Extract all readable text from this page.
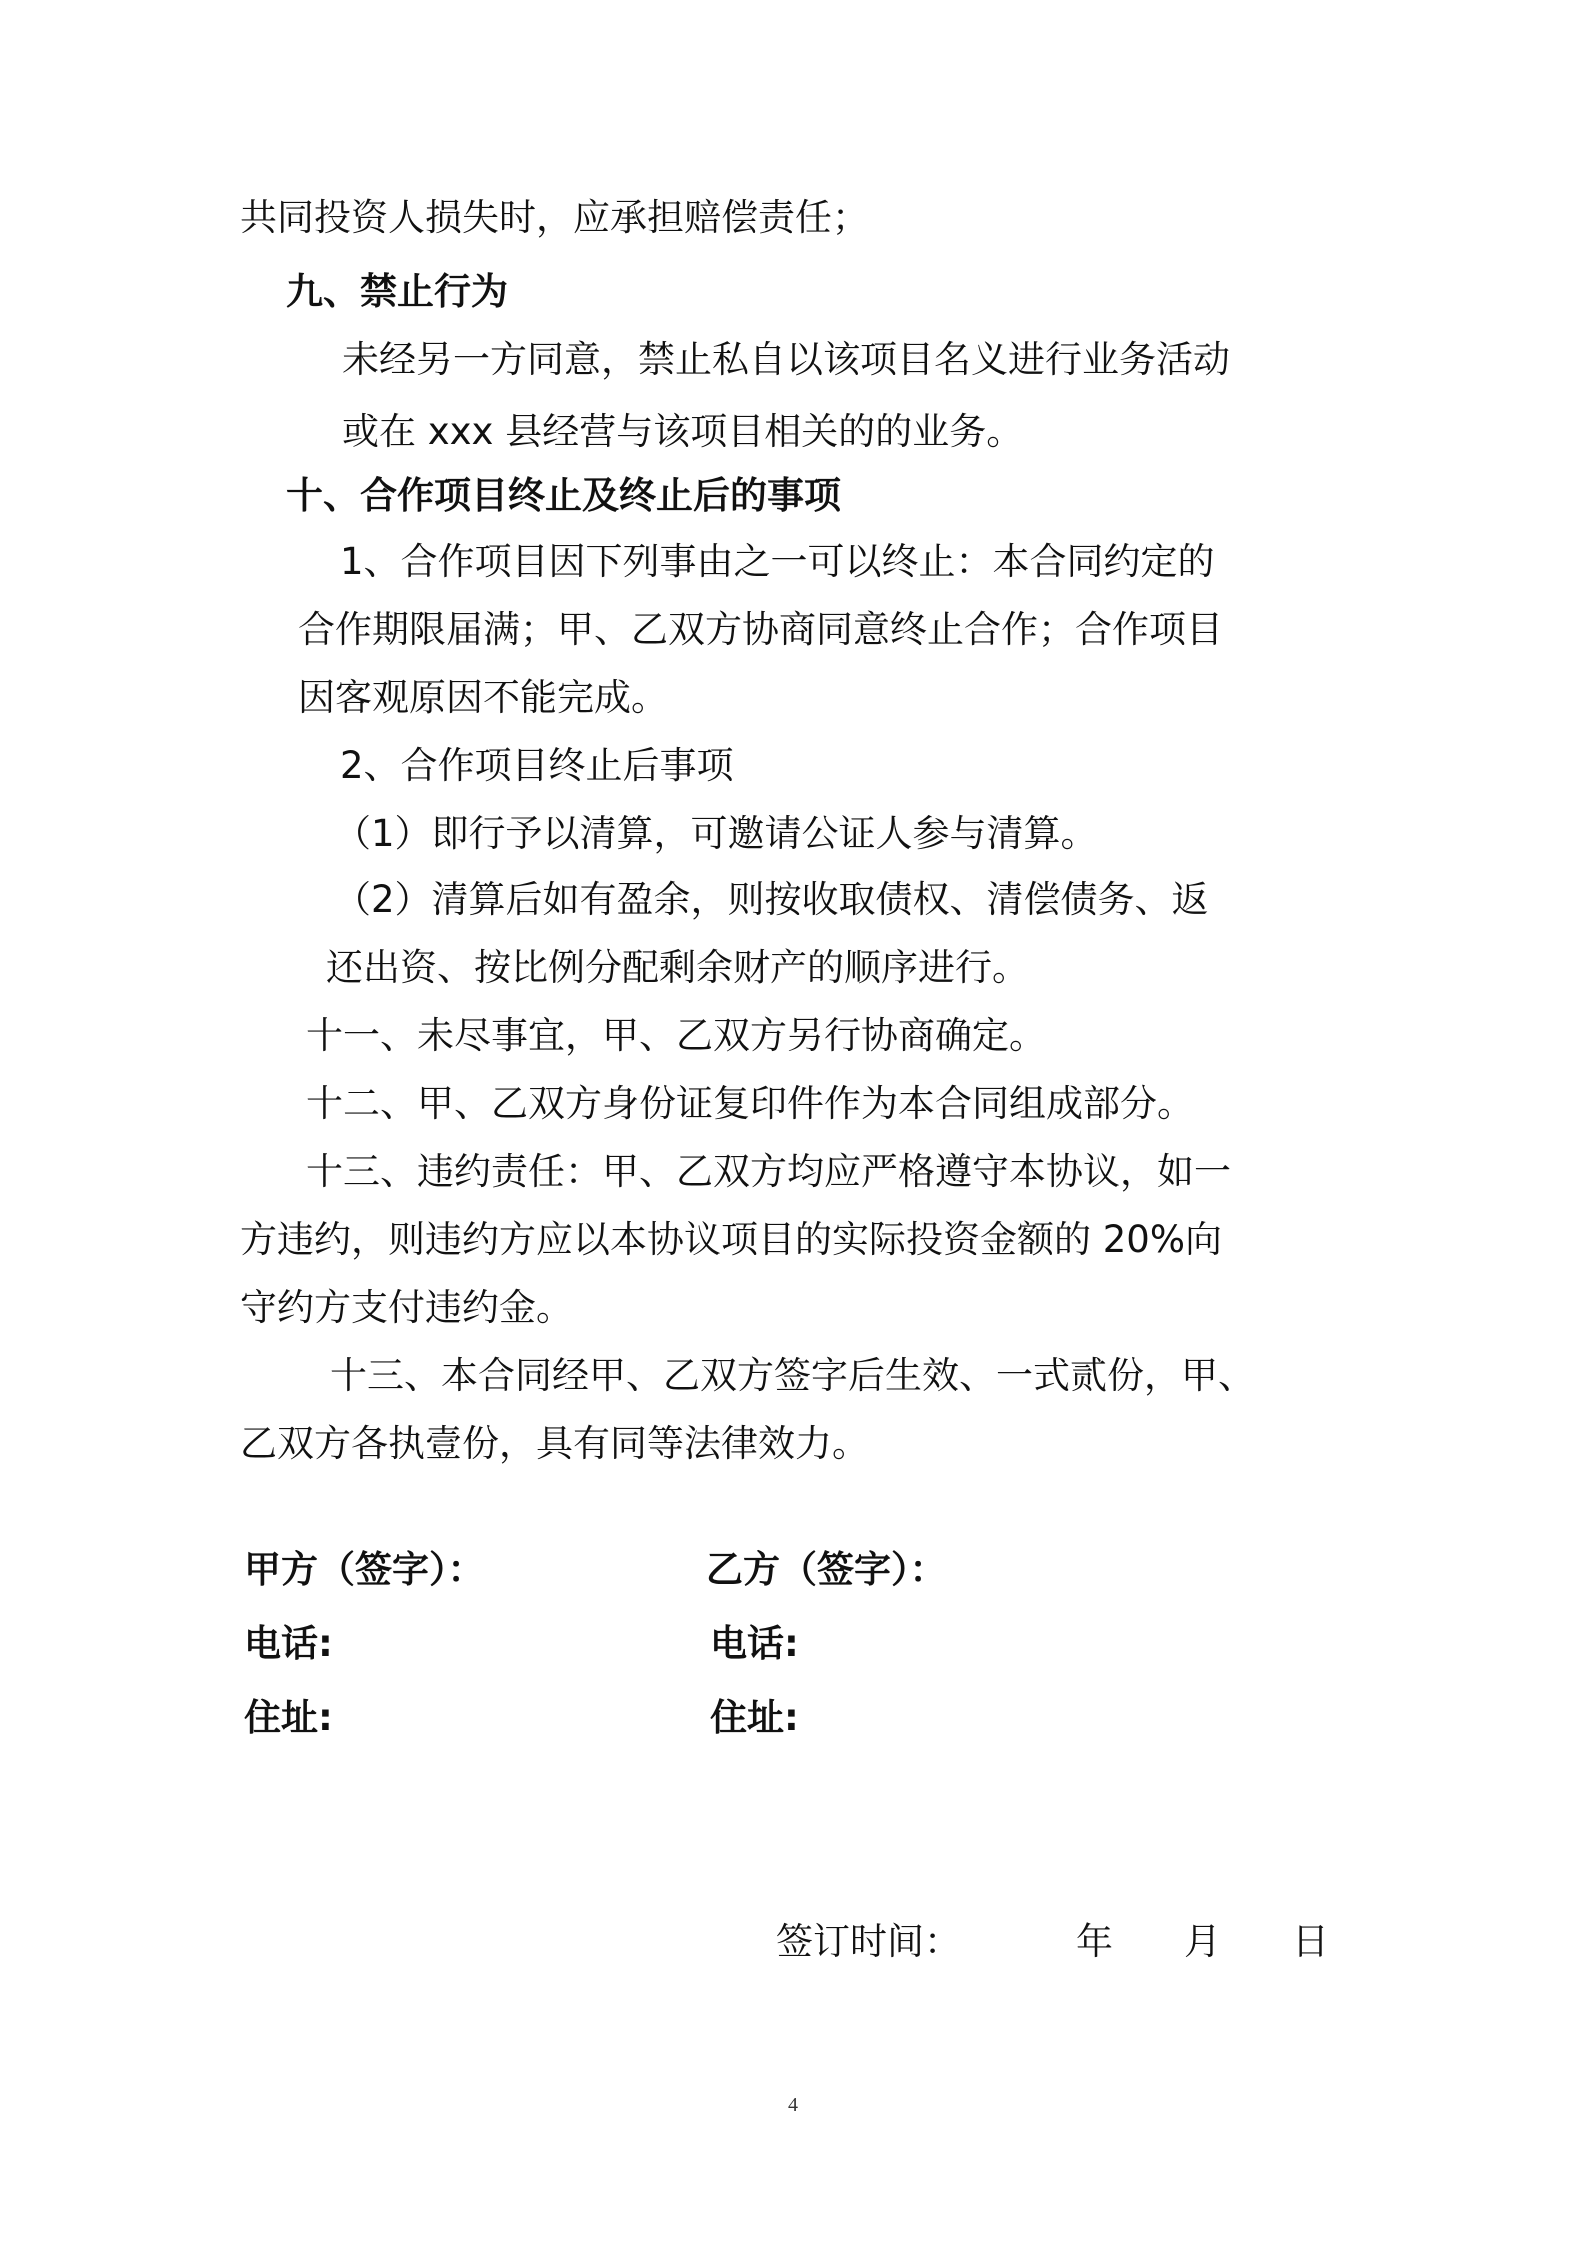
共同投资人损失时，应承担赔偿责任；

九、禁止行为

未经另一方同意，禁止私自以该项目名义进行业务活动

或在 xxx 县经营与该项目相关的的业务。

十、合作项目终止及终止后的事项

1、合作项目因下列事由之一可以终止：本合同约定的

合作期限届满；甲、乙双方协商同意终止合作；合作项目

因客观原因不能完成。

2、合作项目终止后事项

（1）即行予以清算，可邀请公证人参与清算。

（2）清算后如有盈余，则按收取债权、清偿债务、返

还出资、按比例分配剩余财产的顺序进行。

十一、未尽事宜，甲、乙双方另行协商确定。

十二、甲、乙双方身份证复印件作为本合同组成部分。

十三、违约责任：甲、乙双方均应严格遵守本协议，如一

方违约，则违约方应以本协议项目的实际投资金额的 20%向

守约方支付违约金。

十三、本合同经甲、乙双方签字后生效、一式贰份，甲、

乙双方各执壹份，具有同等法律效力。

甲方（签字）：	乙方（签字）：

电话:	电话:

住址:	住址:

签订时间：	年 月 日

4
